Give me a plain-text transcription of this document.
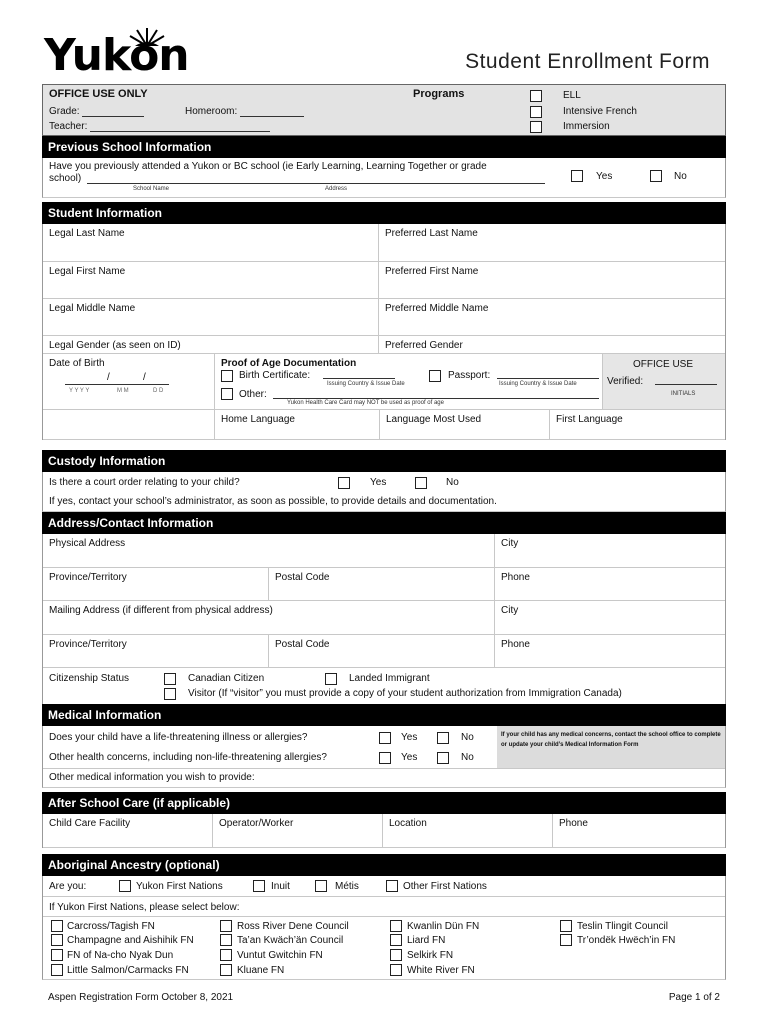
Yukon	Student Enrollment Form
OFFICE USE ONLY
Grade:	Homeroom:
Teacher:
Programs	ELL
Intensive French
Immersion
Previous School Information
Have you previously attended a Yukon or BC school (ie Early Learning, Learning Together or grade
school)
School Name	Address
Yes	No
Student Information
Legal Last Name	Preferred Last Name
Legal First Name	Preferred First Name
Legal Middle Name	Preferred Middle Name
Legal Gender (as seen on ID)	Preferred Gender
Date of Birth
/	/
Y Y Y Y	M M	D D
Proof of Age Documentation
Birth Certificate:
Issuing Country & Issue Date
Passport:
Issuing Country & Issue Date
Other:
Yukon Health Care Card may NOT be used as proof of age
OFFICE USE
Verified:
INITIALS
Home Language	Language Most Used	First Language
Custody Information
Is there a court order relating to your child?	Yes	No
If yes, contact your school’s administrator, as soon as possible, to provide details and documentation.
Address/Contact Information
Physical Address	City
Province/Territory	Postal Code	Phone
Mailing Address (if different from physical address)	City
Province/Territory	Postal Code	Phone
Citizenship Status	Canadian Citizen	Landed Immigrant
Visitor (If “visitor” you must provide a copy of your student authorization from Immigration Canada)
Medical Information
Does your child have a life-threatening illness or allergies?	Yes	No
Other health concerns, including non-life-threatening allergies?	Yes	No
If your child has any medical concerns, contact the school office to complete or update your child’s Medical Information Form
Other medical information you wish to provide:
After School Care (if applicable)
Child Care Facility	Operator/Worker	Location	Phone
Aboriginal Ancestry (optional)
Are you:	Yukon First Nations	Inuit	Métis	Other First Nations
If Yukon First Nations, please select below:
Carcross/Tagish FN
Champagne and Aishihik FN
FN of Na-cho Nyak Dun
Little Salmon/Carmacks FN
Ross River Dene Council
Ta’an Kwäch’än Council
Vuntut Gwitchin FN
Kluane FN
Kwanlin Dün FN
Liard FN
Selkirk FN
White River FN
Teslin Tlingit Council
Tr’ondëk Hwëch’in FN
Aspen Registration Form October 8, 2021	Page 1 of 2
